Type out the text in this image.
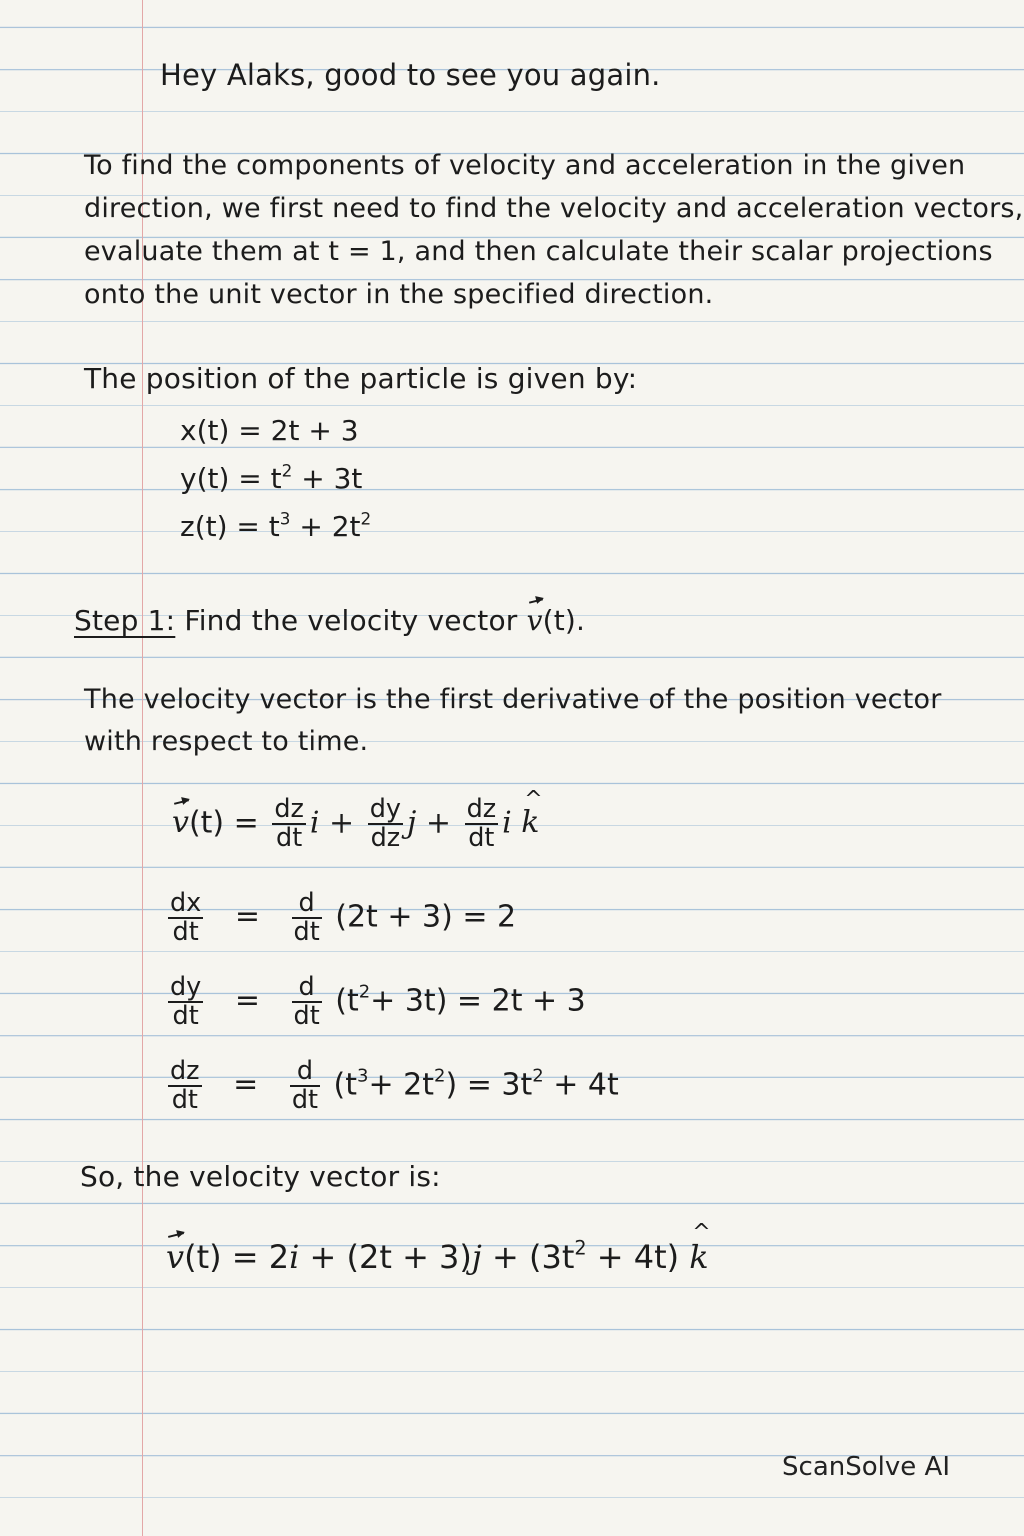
Hey Alaks, good to see you again.
To find the components of velocity and acceleration in the given
direction, we first need to find the velocity and acceleration vectors,
evaluate them at t = 1, and then calculate their scalar projections
onto the unit vector in the specified direction.
The position of the particle is given by:
x(t) = 2t + 3
$y(t) = t^2 + 3t$
$z(t) = t^3 + 2t^2$
Step 1: Find the velocity vector v(t).
The velocity vector is the first derivative of the position vector
with respect to time.
$v(t) = \frac{dz}{dt}$ $i + \frac{dy}{dz}$ $j + \frac{dz}{dt}$ i ^ k
$\frac{dx}{dt} = \frac{d}{dt} (2t + 3) = 2$
$\frac{dy}{dt} = \frac{d}{dt} (t^2+ 3t) = 2t + 3$
$\frac{dz}{dt} = \frac{d}{dt} (t^3+ 2t^2) = 3t^2 + 4t$
So, the velocity vector is:
$v(t) = 2i + (2t + 3)j + (3t^2 + 4t)$ ^ k
ScanSolve AI
